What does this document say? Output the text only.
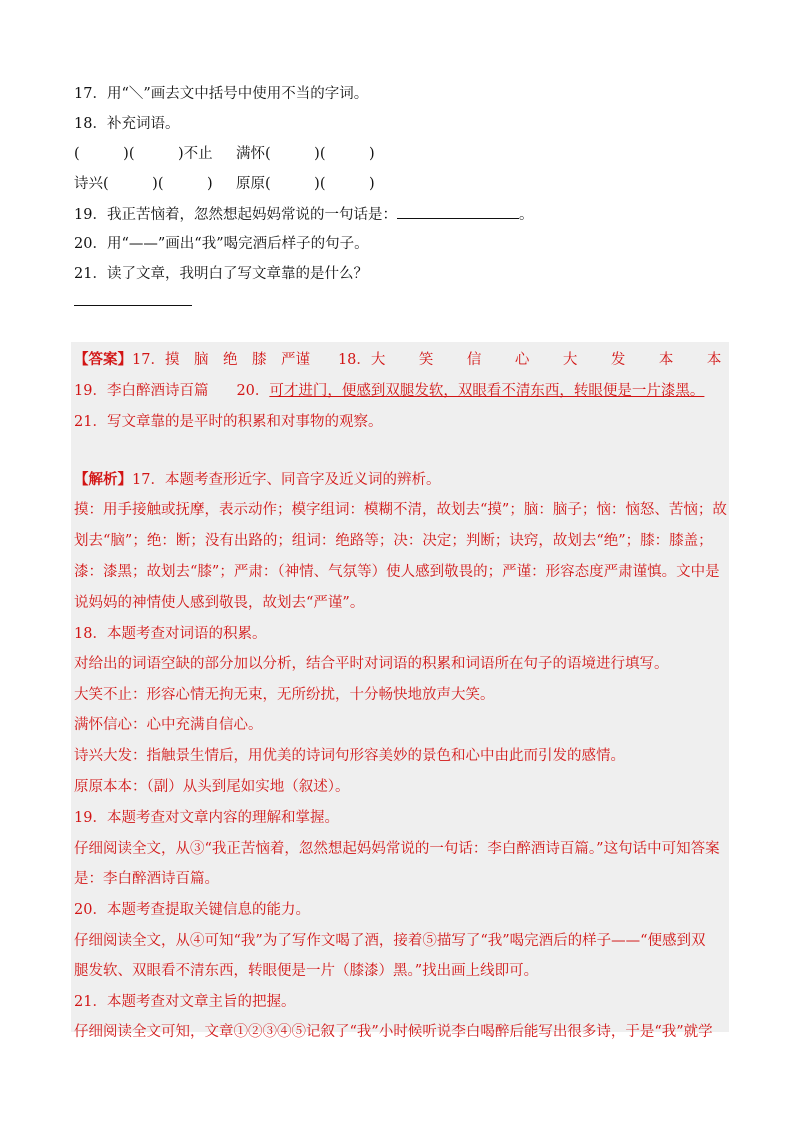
17．用“＼”画去文中括号中使用不当的字词。
18．补充词语。
(　　　)(　　　)不止 满怀(　　　)(　　　)
诗兴(　　　)(　　　) 原原(　　　)(　　　)
19．我正苦恼着，忽然想起妈妈常说的一句话是：	。
20．用“——”画出“我”喝完酒后样子的句子。
21．读了文章，我明白了写文章靠的是什么？
【答案】17．摸　脑　绝　膝　严谨 18．大 笑 信 心 大 发 本 本
19．李白醉酒诗百篇 20．可才进门，便感到双腿发软，双眼看不清东西，转眼便是一片漆黑。
21．写文章靠的是平时的积累和对事物的观察。
【解析】17．本题考查形近字、同音字及近义词的辨析。
摸：用手接触或抚摩，表示动作；模字组词：模糊不清，故划去“摸”；脑：脑子；恼：恼怒、苦恼；故
划去“脑”；绝：断；没有出路的；组词：绝路等；决：决定；判断；诀窍，故划去“绝”；膝：膝盖；
漆：漆黑；故划去“膝”；严肃：（神情、气氛等）使人感到敬畏的；严谨：形容态度严肃谨慎。文中是
说妈妈的神情使人感到敬畏，故划去“严谨”。
18．本题考查对词语的积累。
对给出的词语空缺的部分加以分析，结合平时对词语的积累和词语所在句子的语境进行填写。
大笑不止：形容心情无拘无束，无所纷扰，十分畅快地放声大笑。
满怀信心：心中充满自信心。
诗兴大发：指触景生情后，用优美的诗词句形容美妙的景色和心中由此而引发的感情。
原原本本：（副）从头到尾如实地（叙述）。
19．本题考查对文章内容的理解和掌握。
仔细阅读全文，从③“我正苦恼着，忽然想起妈妈常说的一句话：李白醉酒诗百篇。”这句话中可知答案
是：李白醉酒诗百篇。
20．本题考查提取关键信息的能力。
仔细阅读全文，从④可知“我”为了写作文喝了酒，接着⑤描写了“我”喝完酒后的样子——“便感到双
腿发软、双眼看不清东西，转眼便是一片（膝漆）黑。”找出画上线即可。
21．本题考查对文章主旨的把握。
仔细阅读全文可知，文章①②③④⑤记叙了“我”小时候听说李白喝醉后能写出很多诗，于是“我”就学
